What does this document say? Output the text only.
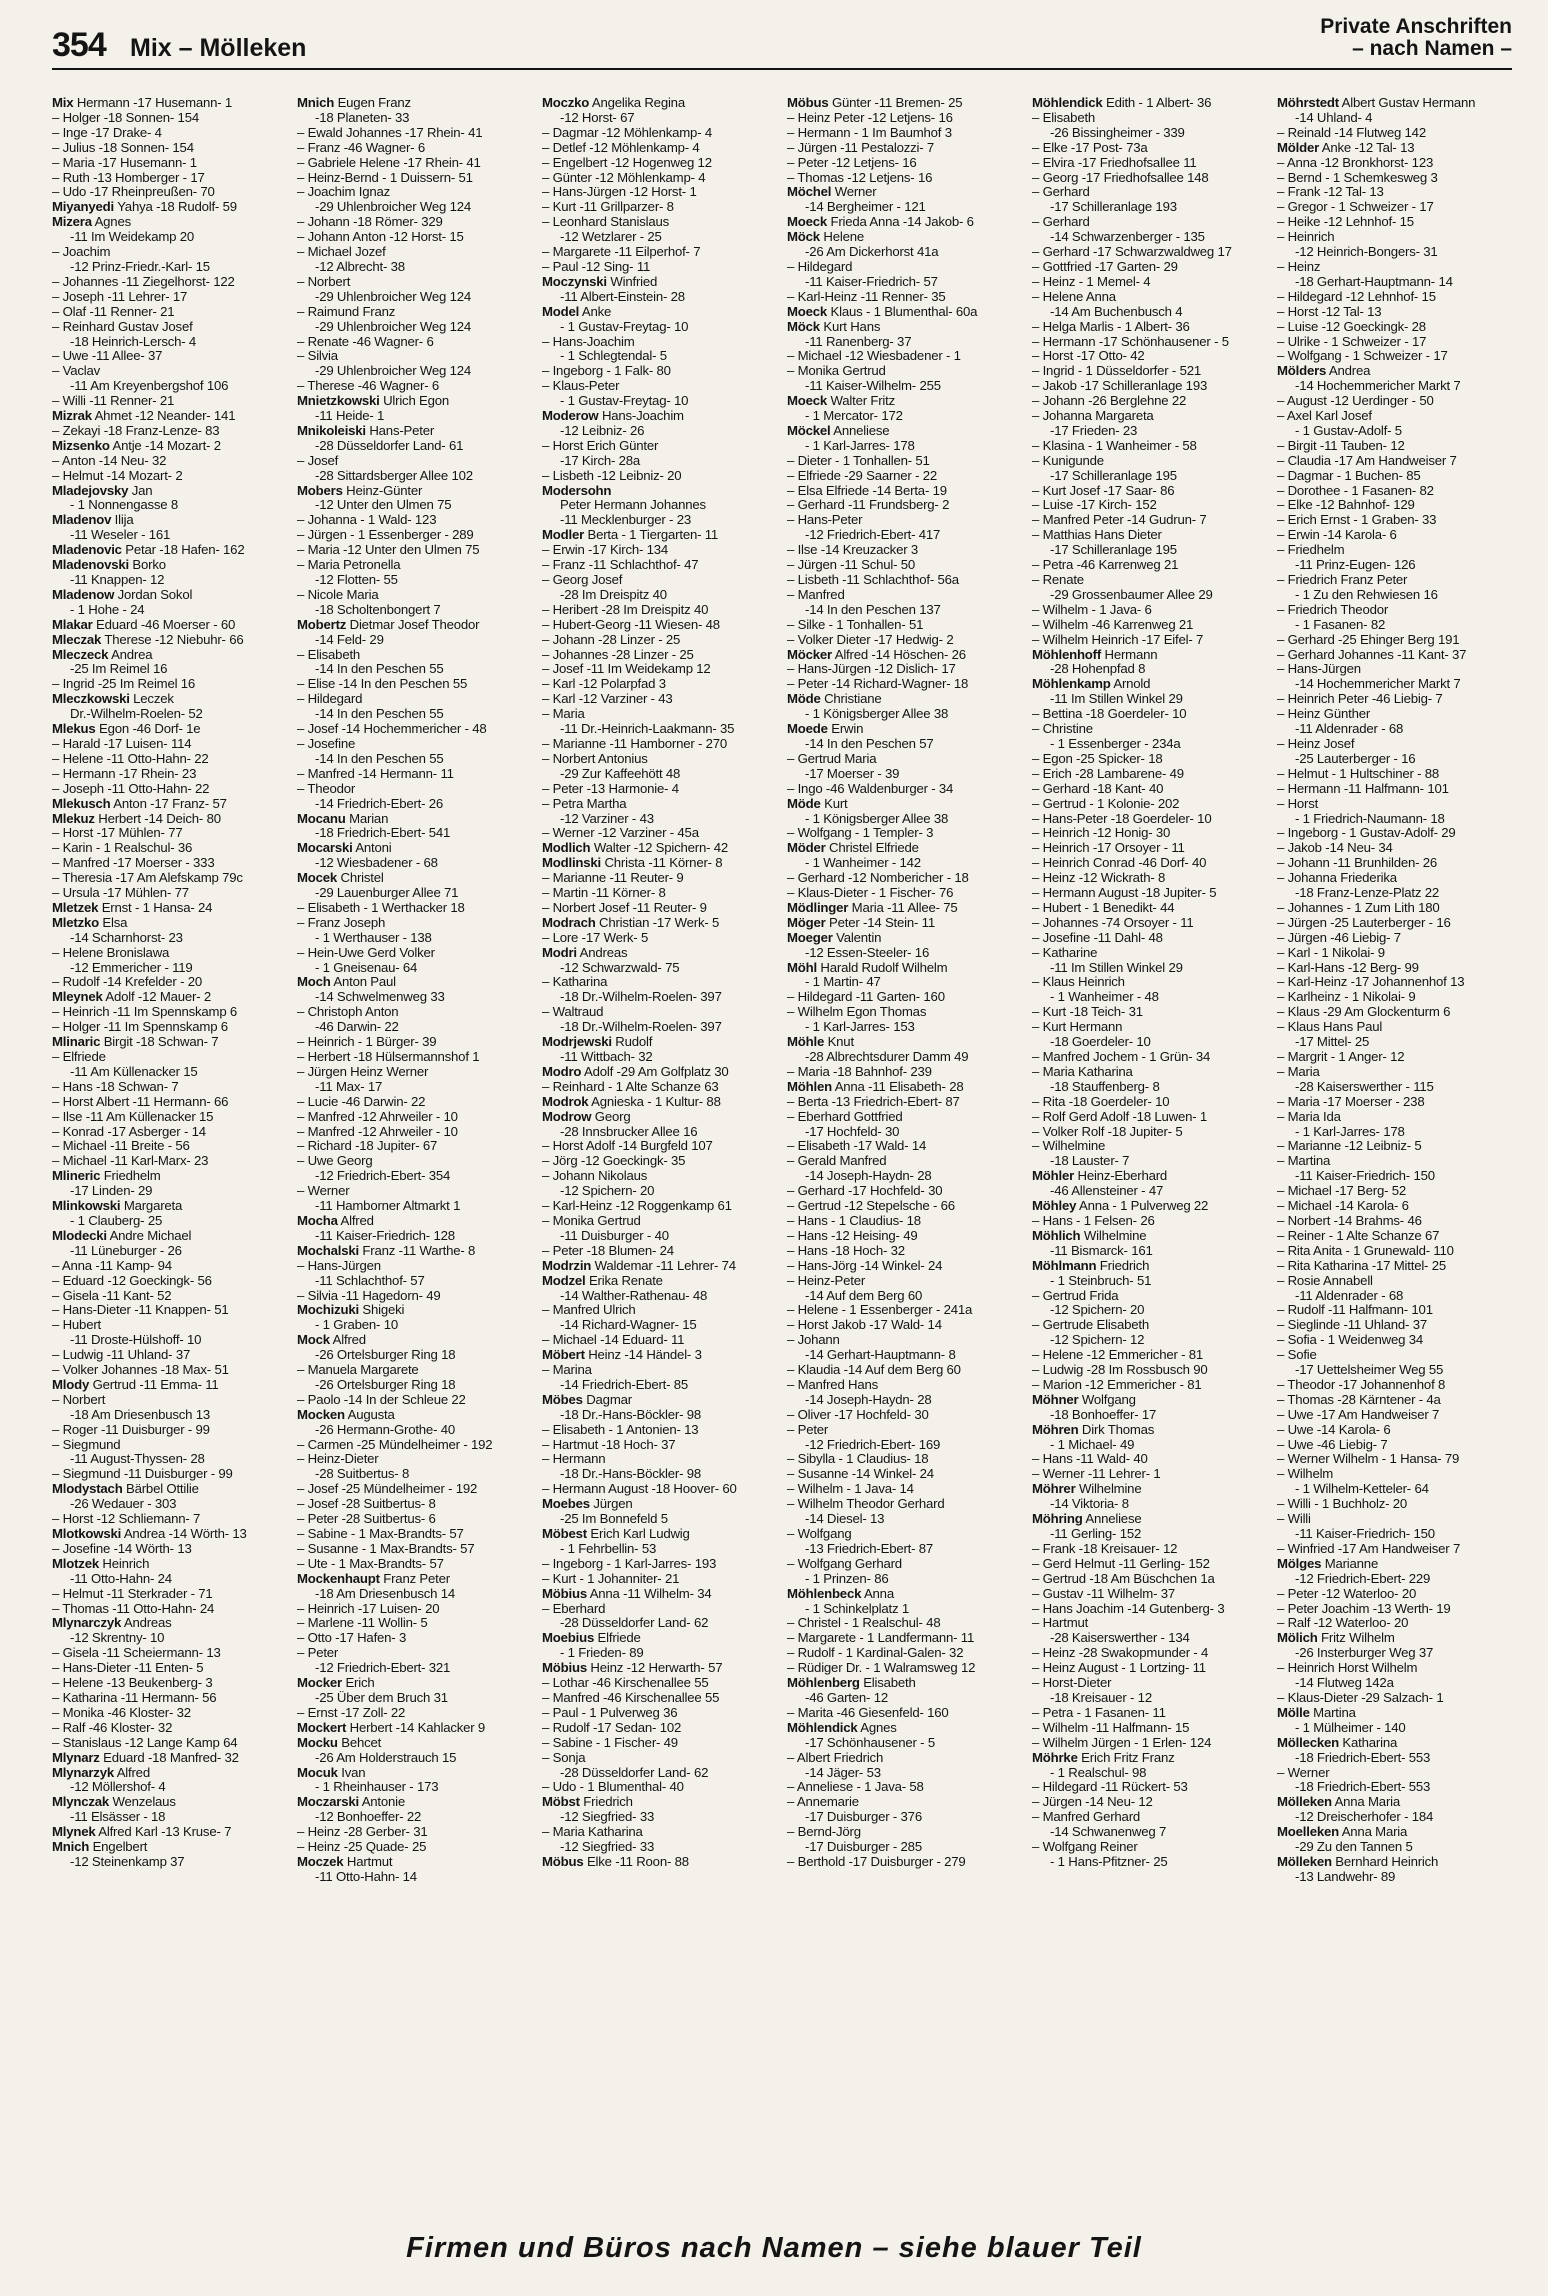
354 Mix – Mölleken
Private Anschriften
– nach Namen –
Mix Hermann -17 Husemann- 1
– Holger -18 Sonnen- 154
– Inge -17 Drake- 4
– Julius -18 Sonnen- 154
– Maria -17 Husemann- 1
– Ruth -13 Homberger - 17
– Udo -17 Rheinpreußen- 70
Miyanyedi Yahya -18 Rudolf- 59
Mizera Agnes
-11 Im Weidekamp 20
– Joachim
-12 Prinz-Friedr.-Karl- 15
– Johannes -11 Ziegelhorst- 122
– Joseph -11 Lehrer- 17
– Olaf -11 Renner- 21
– Reinhard Gustav Josef
-18 Heinrich-Lersch- 4
– Uwe -11 Allee- 37
– Vaclav
-11 Am Kreyenbergshof 106
– Willi -11 Renner- 21
Mizrak Ahmet -12 Neander- 141
– Zekayi -18 Franz-Lenze- 83
Mizsenko Antje -14 Mozart- 2
– Anton -14 Neu- 32
– Helmut -14 Mozart- 2
Mladejovsky Jan
- 1 Nonnengasse 8
Mladenov Ilija
-11 Weseler - 161
Mladenovic Petar -18 Hafen- 162
Mladenovski Borko
-11 Knappen- 12
Mladenow Jordan Sokol
- 1 Hohe - 24
Mlakar Eduard -46 Moerser - 60
Mleczak Therese -12 Niebuhr- 66
Mleczeck Andrea
-25 Im Reimel 16
– Ingrid -25 Im Reimel 16
Mleczkowski Leczek
Dr.-Wilhelm-Roelen- 52
Mlekus Egon -46 Dorf- 1e
– Harald -17 Luisen- 114
– Helene -11 Otto-Hahn- 22
– Hermann -17 Rhein- 23
– Joseph -11 Otto-Hahn- 22
Mlekusch Anton -17 Franz- 57
Mlekuz Herbert -14 Deich- 80
– Horst -17 Mühlen- 77
– Karin - 1 Realschul- 36
– Manfred -17 Moerser - 333
– Theresia -17 Am Alefskamp 79c
– Ursula -17 Mühlen- 77
Mletzek Ernst - 1 Hansa- 24
Mletzko Elsa
-14 Scharnhorst- 23
– Helene Bronislawa
-12 Emmericher - 119
– Rudolf -14 Krefelder - 20
Mleynek Adolf -12 Mauer- 2
– Heinrich -11 Im Spennskamp 6
– Holger -11 Im Spennskamp 6
Mlinaric Birgit -18 Schwan- 7
– Elfriede
-11 Am Küllenacker 15
– Hans -18 Schwan- 7
– Horst Albert -11 Hermann- 66
– Ilse -11 Am Küllenacker 15
– Konrad -17 Asberger - 14
– Michael -11 Breite - 56
– Michael -11 Karl-Marx- 23
Mlineric Friedhelm
-17 Linden- 29
Mlinkowski Margareta
- 1 Clauberg- 25
Mlodecki Andre Michael
-11 Lüneburger - 26
– Anna -11 Kamp- 94
– Eduard -12 Goeckingk- 56
– Gisela -11 Kant- 52
– Hans-Dieter -11 Knappen- 51
– Hubert
-11 Droste-Hülshoff- 10
– Ludwig -11 Uhland- 37
– Volker Johannes -18 Max- 51
Mlody Gertrud -11 Emma- 11
– Norbert
-18 Am Driesenbusch 13
– Roger -11 Duisburger - 99
– Siegmund
-11 August-Thyssen- 28
– Siegmund -11 Duisburger - 99
Mlodystach Bärbel Ottilie
-26 Wedauer - 303
– Horst -12 Schliemann- 7
Mlotkowski Andrea -14 Wörth- 13
– Josefine -14 Wörth- 13
Mlotzek Heinrich
-11 Otto-Hahn- 24
– Helmut -11 Sterkrader - 71
– Thomas -11 Otto-Hahn- 24
Mlynarczyk Andreas
-12 Skrentny- 10
– Gisela -11 Scheiermann- 13
– Hans-Dieter -11 Enten- 5
– Helene -13 Beukenberg- 3
– Katharina -11 Hermann- 56
– Monika -46 Kloster- 32
– Ralf -46 Kloster- 32
– Stanislaus -12 Lange Kamp 64
Mlynarz Eduard -18 Manfred- 32
Mlynarzyk Alfred
-12 Möllershof- 4
Mlynczak Wenzelaus
-11 Elsässer - 18
Mlynek Alfred Karl -13 Kruse- 7
Mnich Engelbert
-12 Steinenkamp 37
Mnich Eugen Franz
-18 Planeten- 33
– Ewald Johannes -17 Rhein- 41
– Franz -46 Wagner- 6
– Gabriele Helene -17 Rhein- 41
– Heinz-Bernd - 1 Duissern- 51
– Joachim Ignaz
-29 Uhlenbroicher Weg 124
– Johann -18 Römer- 329
– Johann Anton -12 Horst- 15
– Michael Jozef
-12 Albrecht- 38
– Norbert
-29 Uhlenbroicher Weg 124
– Raimund Franz
-29 Uhlenbroicher Weg 124
– Renate -46 Wagner- 6
– Silvia
-29 Uhlenbroicher Weg 124
– Therese -46 Wagner- 6
Mnietzkowski Ulrich Egon
-11 Heide- 1
Mnikoleiski Hans-Peter
-28 Düsseldorfer Land- 61
– Josef
-28 Sittardsberger Allee 102
Mobers Heinz-Günter
-12 Unter den Ulmen 75
– Johanna - 1 Wald- 123
– Jürgen - 1 Essenberger - 289
– Maria -12 Unter den Ulmen 75
– Maria Petronella
-12 Flotten- 55
– Nicole Maria
-18 Scholtenbongert 7
Mobertz Dietmar Josef Theodor
-14 Feld- 29
– Elisabeth
-14 In den Peschen 55
– Elise -14 In den Peschen 55
– Hildegard
-14 In den Peschen 55
– Josef -14 Hochemmericher - 48
– Josefine
-14 In den Peschen 55
– Manfred -14 Hermann- 11
– Theodor
-14 Friedrich-Ebert- 26
Mocanu Marian
-18 Friedrich-Ebert- 541
Mocarski Antoni
-12 Wiesbadener - 68
Mocek Christel
-29 Lauenburger Allee 71
– Elisabeth - 1 Werthacker 18
– Franz Joseph
- 1 Werthauser - 138
– Hein-Uwe Gerd Volker
- 1 Gneisenau- 64
Moch Anton Paul
-14 Schwelmenweg 33
– Christoph Anton
-46 Darwin- 22
– Heinrich - 1 Bürger- 39
– Herbert -18 Hülsermannshof 1
– Jürgen Heinz Werner
-11 Max- 17
– Lucie -46 Darwin- 22
– Manfred -12 Ahrweiler - 10
– Manfred -12 Ahrweiler - 10
– Richard -18 Jupiter- 67
– Uwe Georg
-12 Friedrich-Ebert- 354
– Werner
-11 Hamborner Altmarkt 1
Mocha Alfred
-11 Kaiser-Friedrich- 128
Mochalski Franz -11 Warthe- 8
– Hans-Jürgen
-11 Schlachthof- 57
– Silvia -11 Hagedorn- 49
Mochizuki Shigeki
- 1 Graben- 10
Mock Alfred
-26 Ortelsburger Ring 18
– Manuela Margarete
-26 Ortelsburger Ring 18
– Paolo -14 In der Schleue 22
Mocken Augusta
-26 Hermann-Grothe- 40
– Carmen -25 Mündelheimer - 192
– Heinz-Dieter
-28 Suitbertus- 8
– Josef -25 Mündelheimer - 192
– Josef -28 Suitbertus- 8
– Peter -28 Suitbertus- 6
– Sabine - 1 Max-Brandts- 57
– Susanne - 1 Max-Brandts- 57
– Ute - 1 Max-Brandts- 57
Mockenhaupt Franz Peter
-18 Am Driesenbusch 14
– Heinrich -17 Luisen- 20
– Marlene -11 Wollin- 5
– Otto -17 Hafen- 3
– Peter
-12 Friedrich-Ebert- 321
Mocker Erich
-25 Über dem Bruch 31
– Ernst -17 Zoll- 22
Mockert Herbert -14 Kahlacker 9
Mocku Behcet
-26 Am Holderstrauch 15
Mocuk Ivan
- 1 Rheinhauser - 173
Moczarski Antonie
-12 Bonhoeffer- 22
– Heinz -28 Gerber- 31
– Heinz -25 Quade- 25
Moczek Hartmut
-11 Otto-Hahn- 14
Moczko Angelika Regina
-12 Horst- 67
– Dagmar -12 Möhlenkamp- 4
– Detlef -12 Möhlenkamp- 4
– Engelbert -12 Hogenweg 12
– Günter -12 Möhlenkamp- 4
– Hans-Jürgen -12 Horst- 1
– Kurt -11 Grillparzer- 8
– Leonhard Stanislaus
-12 Wetzlarer - 25
– Margarete -11 Eilperhof- 7
– Paul -12 Sing- 11
Moczynski Winfried
-11 Albert-Einstein- 28
Model Anke
- 1 Gustav-Freytag- 10
– Hans-Joachim
- 1 Schlegtendal- 5
– Ingeborg - 1 Falk- 80
– Klaus-Peter
- 1 Gustav-Freytag- 10
Moderow Hans-Joachim
-12 Leibniz- 26
– Horst Erich Günter
-17 Kirch- 28a
– Lisbeth -12 Leibniz- 20
Modersohn
Peter Hermann Johannes
-11 Mecklenburger - 23
Modler Berta - 1 Tiergarten- 11
– Erwin -17 Kirch- 134
– Franz -11 Schlachthof- 47
– Georg Josef
-28 Im Dreispitz 40
– Heribert -28 Im Dreispitz 40
– Hubert-Georg -11 Wiesen- 48
– Johann -28 Linzer - 25
– Johannes -28 Linzer - 25
– Josef -11 Im Weidekamp 12
– Karl -12 Polarpfad 3
– Karl -12 Varziner - 43
– Maria
-11 Dr.-Heinrich-Laakmann- 35
– Marianne -11 Hamborner - 270
– Norbert Antonius
-29 Zur Kaffeehött 48
– Peter -13 Harmonie- 4
– Petra Martha
-12 Varziner - 43
– Werner -12 Varziner - 45a
Modlich Walter -12 Spichern- 42
Modlinski Christa -11 Körner- 8
– Marianne -11 Reuter- 9
– Martin -11 Körner- 8
– Norbert Josef -11 Reuter- 9
Modrach Christian -17 Werk- 5
– Lore -17 Werk- 5
Modri Andreas
-12 Schwarzwald- 75
– Katharina
-18 Dr.-Wilhelm-Roelen- 397
– Waltraud
-18 Dr.-Wilhelm-Roelen- 397
Modrjewski Rudolf
-11 Wittbach- 32
Modro Adolf -29 Am Golfplatz 30
– Reinhard - 1 Alte Schanze 63
Modrok Agnieska - 1 Kultur- 88
Modrow Georg
-28 Innsbrucker Allee 16
– Horst Adolf -14 Burgfeld 107
– Jörg -12 Goeckingk- 35
– Johann Nikolaus
-12 Spichern- 20
– Karl-Heinz -12 Roggenkamp 61
– Monika Gertrud
-11 Duisburger - 40
– Peter -18 Blumen- 24
Modrzin Waldemar -11 Lehrer- 74
Modzel Erika Renate
-14 Walther-Rathenau- 48
– Manfred Ulrich
-14 Richard-Wagner- 15
– Michael -14 Eduard- 11
Möbert Heinz -14 Händel- 3
– Marina
-14 Friedrich-Ebert- 85
Möbes Dagmar
-18 Dr.-Hans-Böckler- 98
– Elisabeth - 1 Antonien- 13
– Hartmut -18 Hoch- 37
– Hermann
-18 Dr.-Hans-Böckler- 98
– Hermann August -18 Hoover- 60
Moebes Jürgen
-25 Im Bonnefeld 5
Möbest Erich Karl Ludwig
- 1 Fehrbellin- 53
– Ingeborg - 1 Karl-Jarres- 193
– Kurt - 1 Johanniter- 21
Möbius Anna -11 Wilhelm- 34
– Eberhard
-28 Düsseldorfer Land- 62
Moebius Elfriede
- 1 Frieden- 89
Möbius Heinz -12 Herwarth- 57
– Lothar -46 Kirschenallee 55
– Manfred -46 Kirschenallee 55
– Paul - 1 Pulverweg 36
– Rudolf -17 Sedan- 102
– Sabine - 1 Fischer- 49
– Sonja
-28 Düsseldorfer Land- 62
– Udo - 1 Blumenthal- 40
Möbst Friedrich
-12 Siegfried- 33
– Maria Katharina
-12 Siegfried- 33
Möbus Elke -11 Roon- 88
Möbus Günter -11 Bremen- 25
– Heinz Peter -12 Letjens- 16
– Hermann - 1 Im Baumhof 3
– Jürgen -11 Pestalozzi- 7
– Peter -12 Letjens- 16
– Thomas -12 Letjens- 16
Möchel Werner
-14 Bergheimer - 121
Moeck Frieda Anna -14 Jakob- 6
Möck Helene
-26 Am Dickerhorst 41a
– Hildegard
-11 Kaiser-Friedrich- 57
– Karl-Heinz -11 Renner- 35
Moeck Klaus - 1 Blumenthal- 60a
Möck Kurt Hans
-11 Ranenberg- 37
– Michael -12 Wiesbadener - 1
– Monika Gertrud
-11 Kaiser-Wilhelm- 255
Moeck Walter Fritz
- 1 Mercator- 172
Möckel Anneliese
- 1 Karl-Jarres- 178
– Dieter - 1 Tonhallen- 51
– Elfriede -29 Saarner - 22
– Elsa Elfriede -14 Berta- 19
– Gerhard -11 Frundsberg- 2
– Hans-Peter
-12 Friedrich-Ebert- 417
– Ilse -14 Kreuzacker 3
– Jürgen -11 Schul- 50
– Lisbeth -11 Schlachthof- 56a
– Manfred
-14 In den Peschen 137
– Silke - 1 Tonhallen- 51
– Volker Dieter -17 Hedwig- 2
Möcker Alfred -14 Höschen- 26
– Hans-Jürgen -12 Dislich- 17
– Peter -14 Richard-Wagner- 18
Möde Christiane
- 1 Königsberger Allee 38
Moede Erwin
-14 In den Peschen 57
– Gertrud Maria
-17 Moerser - 39
– Ingo -46 Waldenburger - 34
Möde Kurt
- 1 Königsberger Allee 38
– Wolfgang - 1 Templer- 3
Möder Christel Elfriede
- 1 Wanheimer - 142
– Gerhard -12 Nombericher - 18
– Klaus-Dieter - 1 Fischer- 76
Mödlinger Maria -11 Allee- 75
Möger Peter -14 Stein- 11
Moeger Valentin
-12 Essen-Steeler- 16
Möhl Harald Rudolf Wilhelm
- 1 Martin- 47
– Hildegard -11 Garten- 160
– Wilhelm Egon Thomas
- 1 Karl-Jarres- 153
Möhle Knut
-28 Albrechtsdurer Damm 49
– Maria -18 Bahnhof- 239
Möhlen Anna -11 Elisabeth- 28
– Berta -13 Friedrich-Ebert- 87
– Eberhard Gottfried
-17 Hochfeld- 30
– Elisabeth -17 Wald- 14
– Gerald Manfred
-14 Joseph-Haydn- 28
– Gerhard -17 Hochfeld- 30
– Gertrud -12 Stepelsche - 66
– Hans - 1 Claudius- 18
– Hans -12 Heising- 49
– Hans -18 Hoch- 32
– Hans-Jörg -14 Winkel- 24
– Heinz-Peter
-14 Auf dem Berg 60
– Helene - 1 Essenberger - 241a
– Horst Jakob -17 Wald- 14
– Johann
-14 Gerhart-Hauptmann- 8
– Klaudia -14 Auf dem Berg 60
– Manfred Hans
-14 Joseph-Haydn- 28
– Oliver -17 Hochfeld- 30
– Peter
-12 Friedrich-Ebert- 169
– Sibylla - 1 Claudius- 18
– Susanne -14 Winkel- 24
– Wilhelm - 1 Java- 14
– Wilhelm Theodor Gerhard
-14 Diesel- 13
– Wolfgang
-13 Friedrich-Ebert- 87
– Wolfgang Gerhard
- 1 Prinzen- 86
Möhlenbeck Anna
- 1 Schinkelplatz 1
– Christel - 1 Realschul- 48
– Margarete - 1 Landfermann- 11
– Rudolf - 1 Kardinal-Galen- 32
– Rüdiger Dr. - 1 Walramsweg 12
Möhlenberg Elisabeth
-46 Garten- 12
– Marita -46 Giesenfeld- 160
Möhlendick Agnes
-17 Schönhausener - 5
– Albert Friedrich
-14 Jäger- 53
– Anneliese - 1 Java- 58
– Annemarie
-17 Duisburger - 376
– Bernd-Jörg
-17 Duisburger - 285
– Berthold -17 Duisburger - 279
Möhlendick Edith - 1 Albert- 36
– Elisabeth
-26 Bissingheimer - 339
– Elke -17 Post- 73a
– Elvira -17 Friedhofsallee 11
– Georg -17 Friedhofsallee 148
– Gerhard
-17 Schilleranlage 193
– Gerhard
-14 Schwarzenberger - 135
– Gerhard -17 Schwarzwaldweg 17
– Gottfried -17 Garten- 29
– Heinz - 1 Memel- 4
– Helene Anna
-14 Am Buchenbusch 4
– Helga Marlis - 1 Albert- 36
– Hermann -17 Schönhausener - 5
– Horst -17 Otto- 42
– Ingrid - 1 Düsseldorfer - 521
– Jakob -17 Schilleranlage 193
– Johann -26 Berglehne 22
– Johanna Margareta
-17 Frieden- 23
– Klasina - 1 Wanheimer - 58
– Kunigunde
-17 Schilleranlage 195
– Kurt Josef -17 Saar- 86
– Luise -17 Kirch- 152
– Manfred Peter -14 Gudrun- 7
– Matthias Hans Dieter
-17 Schilleranlage 195
– Petra -46 Karrenweg 21
– Renate
-29 Grossenbaumer Allee 29
– Wilhelm - 1 Java- 6
– Wilhelm -46 Karrenweg 21
– Wilhelm Heinrich -17 Eifel- 7
Möhlenhoff Hermann
-28 Hohenpfad 8
Möhlenkamp Arnold
-11 Im Stillen Winkel 29
– Bettina -18 Goerdeler- 10
– Christine
- 1 Essenberger - 234a
– Egon -25 Spicker- 18
– Erich -28 Lambarene- 49
– Gerhard -18 Kant- 40
– Gertrud - 1 Kolonie- 202
– Hans-Peter -18 Goerdeler- 10
– Heinrich -12 Honig- 30
– Heinrich -17 Orsoyer - 11
– Heinrich Conrad -46 Dorf- 40
– Heinz -12 Wickrath- 8
– Hermann August -18 Jupiter- 5
– Hubert - 1 Benedikt- 44
– Johannes -74 Orsoyer - 11
– Josefine -11 Dahl- 48
– Katharine
-11 Im Stillen Winkel 29
– Klaus Heinrich
- 1 Wanheimer - 48
– Kurt -18 Teich- 31
– Kurt Hermann
-18 Goerdeler- 10
– Manfred Jochem - 1 Grün- 34
– Maria Katharina
-18 Stauffenberg- 8
– Rita -18 Goerdeler- 10
– Rolf Gerd Adolf -18 Luwen- 1
– Volker Rolf -18 Jupiter- 5
– Wilhelmine
-18 Lauster- 7
Möhler Heinz-Eberhard
-46 Allensteiner - 47
Möhley Anna - 1 Pulverweg 22
– Hans - 1 Felsen- 26
Möhlich Wilhelmine
-11 Bismarck- 161
Möhlmann Friedrich
- 1 Steinbruch- 51
– Gertrud Frida
-12 Spichern- 20
– Gertrude Elisabeth
-12 Spichern- 12
– Helene -12 Emmericher - 81
– Ludwig -28 Im Rossbusch 90
– Marion -12 Emmericher - 81
Möhner Wolfgang
-18 Bonhoeffer- 17
Möhren Dirk Thomas
- 1 Michael- 49
– Hans -11 Wald- 40
– Werner -11 Lehrer- 1
Möhrer Wilhelmine
-14 Viktoria- 8
Möhring Anneliese
-11 Gerling- 152
– Frank -18 Kreisauer- 12
– Gerd Helmut -11 Gerling- 152
– Gertrud -18 Am Büschchen 1a
– Gustav -11 Wilhelm- 37
– Hans Joachim -14 Gutenberg- 3
– Hartmut
-28 Kaiserswerther - 134
– Heinz -28 Swakopmunder - 4
– Heinz August - 1 Lortzing- 11
– Horst-Dieter
-18 Kreisauer - 12
– Petra - 1 Fasanen- 11
– Wilhelm -11 Halfmann- 15
– Wilhelm Jürgen - 1 Erlen- 124
Möhrke Erich Fritz Franz
- 1 Realschul- 98
– Hildegard -11 Rückert- 53
– Jürgen -14 Neu- 12
– Manfred Gerhard
-14 Schwanenweg 7
– Wolfgang Reiner
- 1 Hans-Pfitzner- 25
Möhrstedt Albert Gustav Hermann
-14 Uhland- 4
– Reinald -14 Flutweg 142
Mölder Anke -12 Tal- 13
– Anna -12 Bronkhorst- 123
– Bernd - 1 Schemkesweg 3
– Frank -12 Tal- 13
– Gregor - 1 Schweizer - 17
– Heike -12 Lehnhof- 15
– Heinrich
-12 Heinrich-Bongers- 31
– Heinz
-18 Gerhart-Hauptmann- 14
– Hildegard -12 Lehnhof- 15
– Horst -12 Tal- 13
– Luise -12 Goeckingk- 28
– Ulrike - 1 Schweizer - 17
– Wolfgang - 1 Schweizer - 17
Mölders Andrea
-14 Hochemmericher Markt 7
– August -12 Uerdinger - 50
– Axel Karl Josef
- 1 Gustav-Adolf- 5
– Birgit -11 Tauben- 12
– Claudia -17 Am Handweiser 7
– Dagmar - 1 Buchen- 85
– Dorothee - 1 Fasanen- 82
– Elke -12 Bahnhof- 129
– Erich Ernst - 1 Graben- 33
– Erwin -14 Karola- 6
– Friedhelm
-11 Prinz-Eugen- 126
– Friedrich Franz Peter
- 1 Zu den Rehwiesen 16
– Friedrich Theodor
- 1 Fasanen- 82
– Gerhard -25 Ehinger Berg 191
– Gerhard Johannes -11 Kant- 37
– Hans-Jürgen
-14 Hochemmericher Markt 7
– Heinrich Peter -46 Liebig- 7
– Heinz Günther
-11 Aldenrader - 68
– Heinz Josef
-25 Lauterberger - 16
– Helmut - 1 Hultschiner - 88
– Hermann -11 Halfmann- 101
– Horst
- 1 Friedrich-Naumann- 18
– Ingeborg - 1 Gustav-Adolf- 29
– Jakob -14 Neu- 34
– Johann -11 Brunhilden- 26
– Johanna Friederika
-18 Franz-Lenze-Platz 22
– Johannes - 1 Zum Lith 180
– Jürgen -25 Lauterberger - 16
– Jürgen -46 Liebig- 7
– Karl - 1 Nikolai- 9
– Karl-Hans -12 Berg- 99
– Karl-Heinz -17 Johannenhof 13
– Karlheinz - 1 Nikolai- 9
– Klaus -29 Am Glockenturm 6
– Klaus Hans Paul
-17 Mittel- 25
– Margrit - 1 Anger- 12
– Maria
-28 Kaiserswerther - 115
– Maria -17 Moerser - 238
– Maria Ida
- 1 Karl-Jarres- 178
– Marianne -12 Leibniz- 5
– Martina
-11 Kaiser-Friedrich- 150
– Michael -17 Berg- 52
– Michael -14 Karola- 6
– Norbert -14 Brahms- 46
– Reiner - 1 Alte Schanze 67
– Rita Anita - 1 Grunewald- 110
– Rita Katharina -17 Mittel- 25
– Rosie Annabell
-11 Aldenrader - 68
– Rudolf -11 Halfmann- 101
– Sieglinde -11 Uhland- 37
– Sofia - 1 Weidenweg 34
– Sofie
-17 Uettelsheimer Weg 55
– Theodor -17 Johannenhof 8
– Thomas -28 Kärntener - 4a
– Uwe -17 Am Handweiser 7
– Uwe -14 Karola- 6
– Uwe -46 Liebig- 7
– Werner Wilhelm - 1 Hansa- 79
– Wilhelm
- 1 Wilhelm-Ketteler- 64
– Willi - 1 Buchholz- 20
– Willi
-11 Kaiser-Friedrich- 150
– Winfried -17 Am Handweiser 7
Mölges Marianne
-12 Friedrich-Ebert- 229
– Peter -12 Waterloo- 20
– Peter Joachim -13 Werth- 19
– Ralf -12 Waterloo- 20
Mölich Fritz Wilhelm
-26 Insterburger Weg 37
– Heinrich Horst Wilhelm
-14 Flutweg 142a
– Klaus-Dieter -29 Salzach- 1
Mölle Martina
- 1 Mülheimer - 140
Möllecken Katharina
-18 Friedrich-Ebert- 553
– Werner
-18 Friedrich-Ebert- 553
Mölleken Anna Maria
-12 Dreischerhofer - 184
Moelleken Anna Maria
-29 Zu den Tannen 5
Mölleken Bernhard Heinrich
-13 Landwehr- 89
Firmen und Büros nach Namen – siehe blauer Teil
